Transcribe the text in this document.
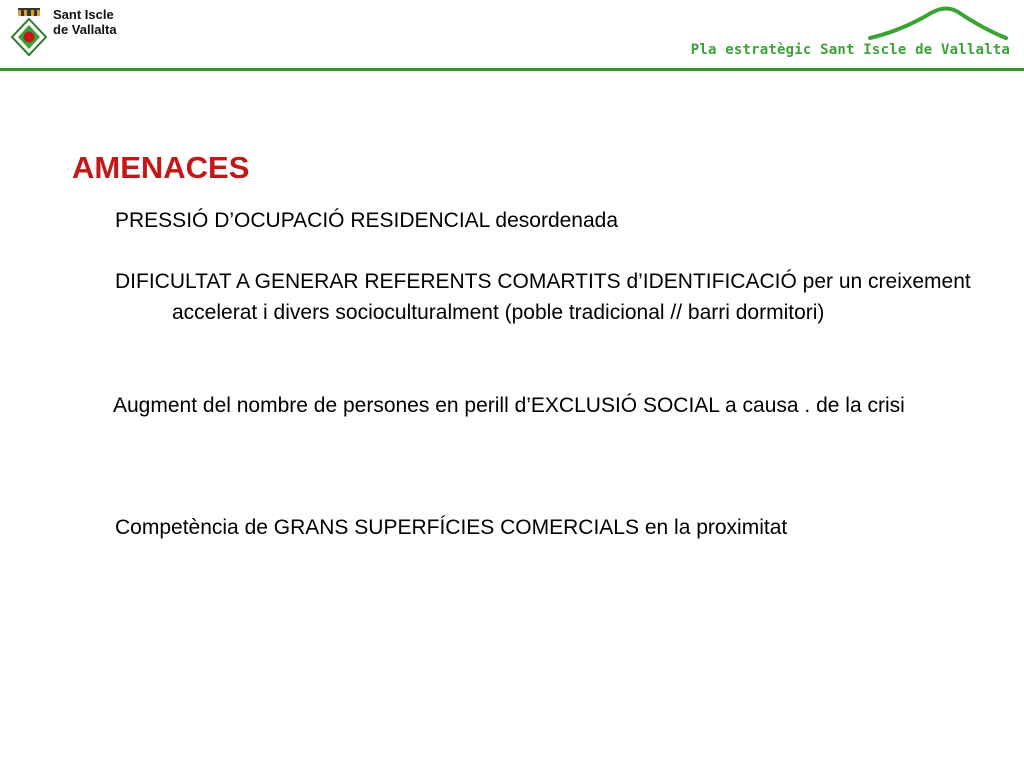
Sant Iscle
de Vallalta
Pla estratègic Sant Iscle de Vallalta
AMENACES

PRESSIÓ D’OCUPACIÓ RESIDENCIAL desordenada

DIFICULTAT A GENERAR REFERENTS COMARTITS d’IDENTIFICACIÓ per un creixement accelerat i divers socioculturalment (poble tradicional // barri dormitori)

Augment del nombre de persones en perill d’EXCLUSIÓ SOCIAL a causa . de la crisi

Competència de GRANS SUPERFÍCIES COMERCIALS en la proximitat
